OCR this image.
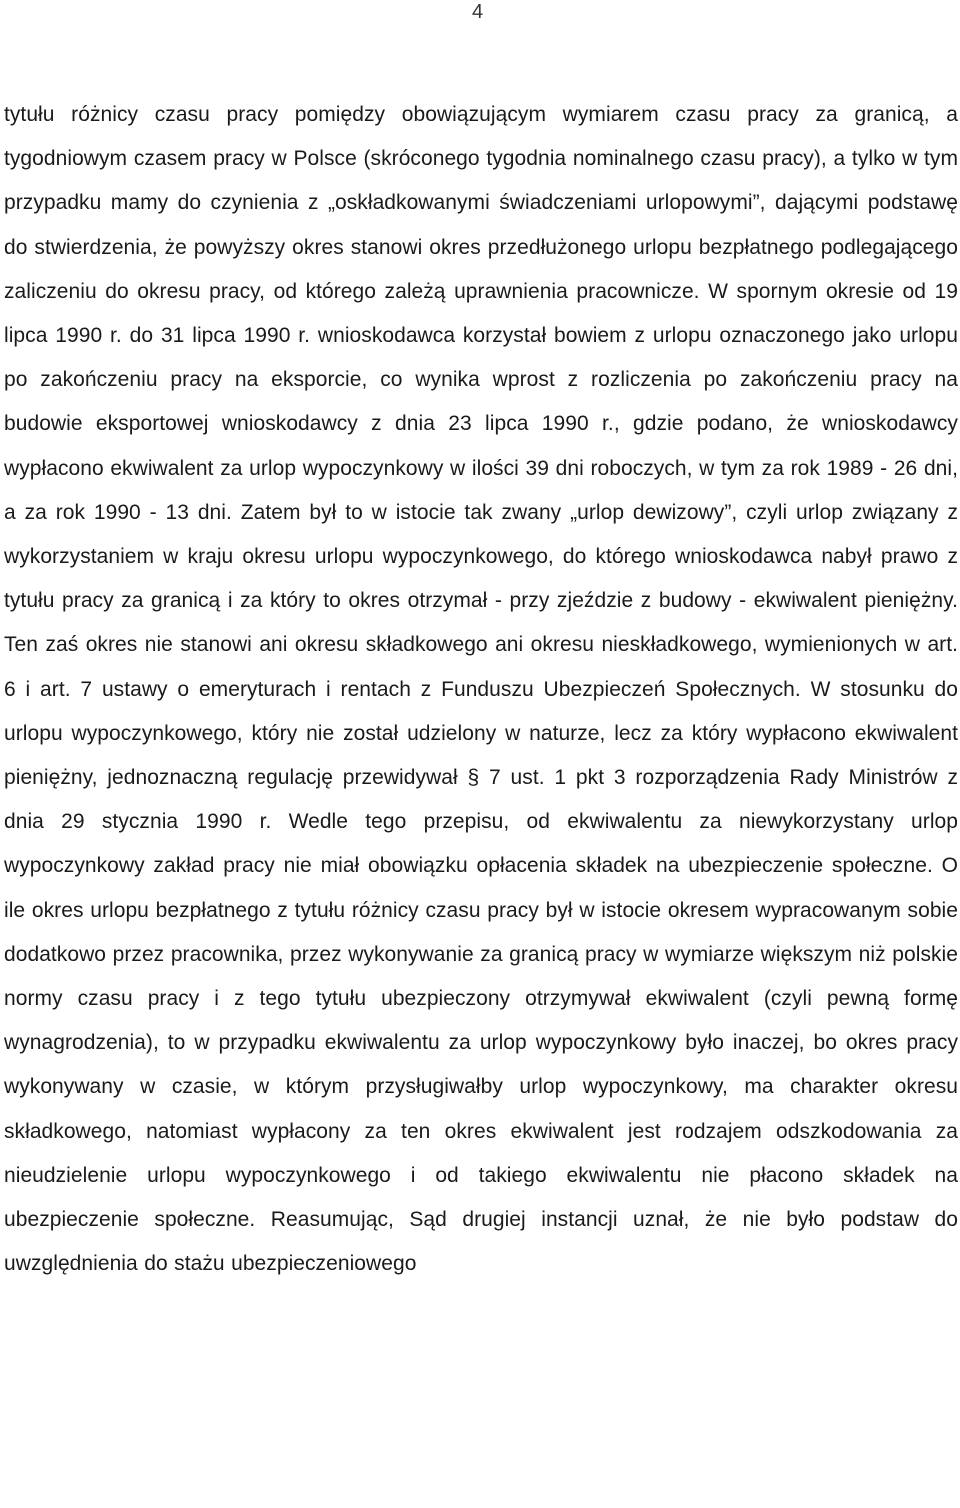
4

tytułu różnicy czasu pracy pomiędzy obowiązującym wymiarem czasu pracy za granicą, a tygodniowym czasem pracy w Polsce (skróconego tygodnia nominalnego czasu pracy), a tylko w tym przypadku mamy do czynienia z „oskładkowanymi świadczeniami urlopowymi”, dającymi podstawę do stwierdzenia, że powyższy okres stanowi okres przedłużonego urlopu bezpłatnego podlegającego zaliczeniu do okresu pracy, od którego zależą uprawnienia pracownicze. W spornym okresie od 19 lipca 1990 r. do 31 lipca 1990 r. wnioskodawca korzystał bowiem z urlopu oznaczonego jako urlopu po zakończeniu pracy na eksporcie, co wynika wprost z rozliczenia po zakończeniu pracy na budowie eksportowej wnioskodawcy z dnia 23 lipca 1990 r., gdzie podano, że wnioskodawcy wypłacono ekwiwalent za urlop wypoczynkowy w ilości 39 dni roboczych, w tym za rok 1989 - 26 dni, a za rok 1990 - 13 dni. Zatem był to w istocie tak zwany „urlop dewizowy”, czyli urlop związany z wykorzystaniem w kraju okresu urlopu wypoczynkowego, do którego wnioskodawca nabył prawo z tytułu pracy za granicą i za który to okres otrzymał - przy zjeździe z budowy - ekwiwalent pieniężny. Ten zaś okres nie stanowi ani okresu składkowego ani okresu nieskładkowego, wymienionych w art. 6 i art. 7 ustawy o emeryturach i rentach z Funduszu Ubezpieczeń Społecznych. W stosunku do urlopu wypoczynkowego, który nie został udzielony w naturze, lecz za który wypłacono ekwiwalent pieniężny, jednoznaczną regulację przewidywał § 7 ust. 1 pkt 3 rozporządzenia Rady Ministrów z dnia 29 stycznia 1990 r. Wedle tego przepisu, od ekwiwalentu za niewykorzystany urlop wypoczynkowy zakład pracy nie miał obowiązku opłacenia składek na ubezpieczenie społeczne. O ile okres urlopu bezpłatnego z tytułu różnicy czasu pracy był w istocie okresem wypracowanym sobie dodatkowo przez pracownika, przez wykonywanie za granicą pracy w wymiarze większym niż polskie normy czasu pracy i z tego tytułu ubezpieczony otrzymywał ekwiwalent (czyli pewną formę wynagrodzenia), to w przypadku ekwiwalentu za urlop wypoczynkowy było inaczej, bo okres pracy wykonywany w czasie, w którym przysługiwałby urlop wypoczynkowy, ma charakter okresu składkowego, natomiast wypłacony za ten okres ekwiwalent jest rodzajem odszkodowania za nieudzielenie urlopu wypoczynkowego i od takiego ekwiwalentu nie płacono składek na ubezpieczenie społeczne. Reasumując, Sąd drugiej instancji uznał, że nie było podstaw do uwzględnienia do stażu ubezpieczeniowego
